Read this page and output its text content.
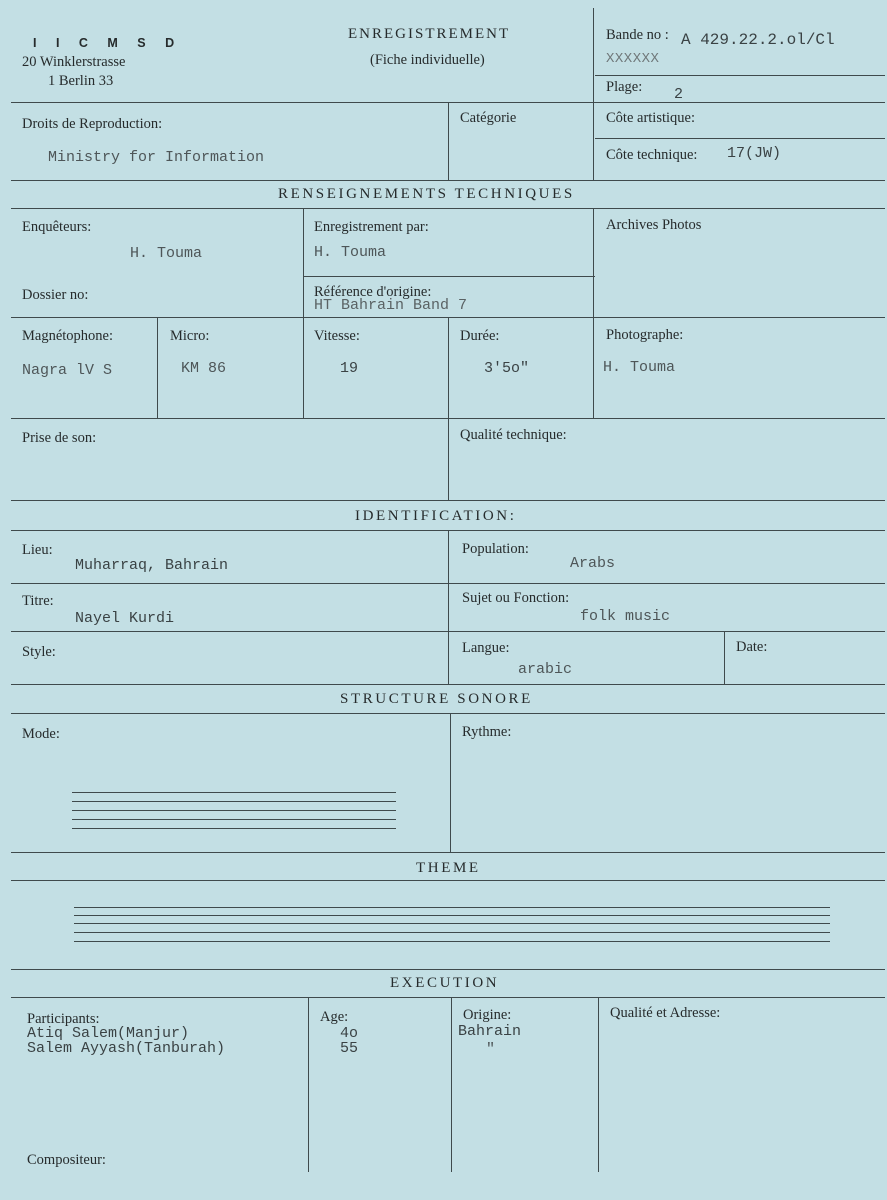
I I C M S D
20 Winklerstrasse
1 Berlin 33
ENREGISTREMENT
(Fiche individuelle)
Bande no : A 429.22.2.ol/Cl
XXXXXX
Plage: 2
Droits de Reproduction:
Ministry for Information
Catégorie	Côte artistique:
Côte technique: 17(JW)
RENSEIGNEMENTS TECHNIQUES
Enquêteurs:
H. Touma
Enregistrement par:
H. Touma
Archives Photos
Dossier no:	Référence d'origine:
HT Bahrain Band 7
Magnétophone:
Nagra lV S
Micro:
KM 86
Vitesse:
19
Durée:
3'5o"
Photographe:
H. Touma
Prise de son:	Qualité technique:
IDENTIFICATION:
Lieu:
Muharraq, Bahrain
Population:
Arabs
Titre:
Nayel Kurdi
Sujet ou Fonction:
folk music
Style:	Langue:
arabic
Date:
STRUCTURE SONORE
Mode:	Rythme:
THEME
EXECUTION
Participants:
Atiq Salem(Manjur)
Salem Ayyash(Tanburah)
Age:
4o
55
Origine:
Bahrain
"
Qualité et Adresse:
Compositeur:
